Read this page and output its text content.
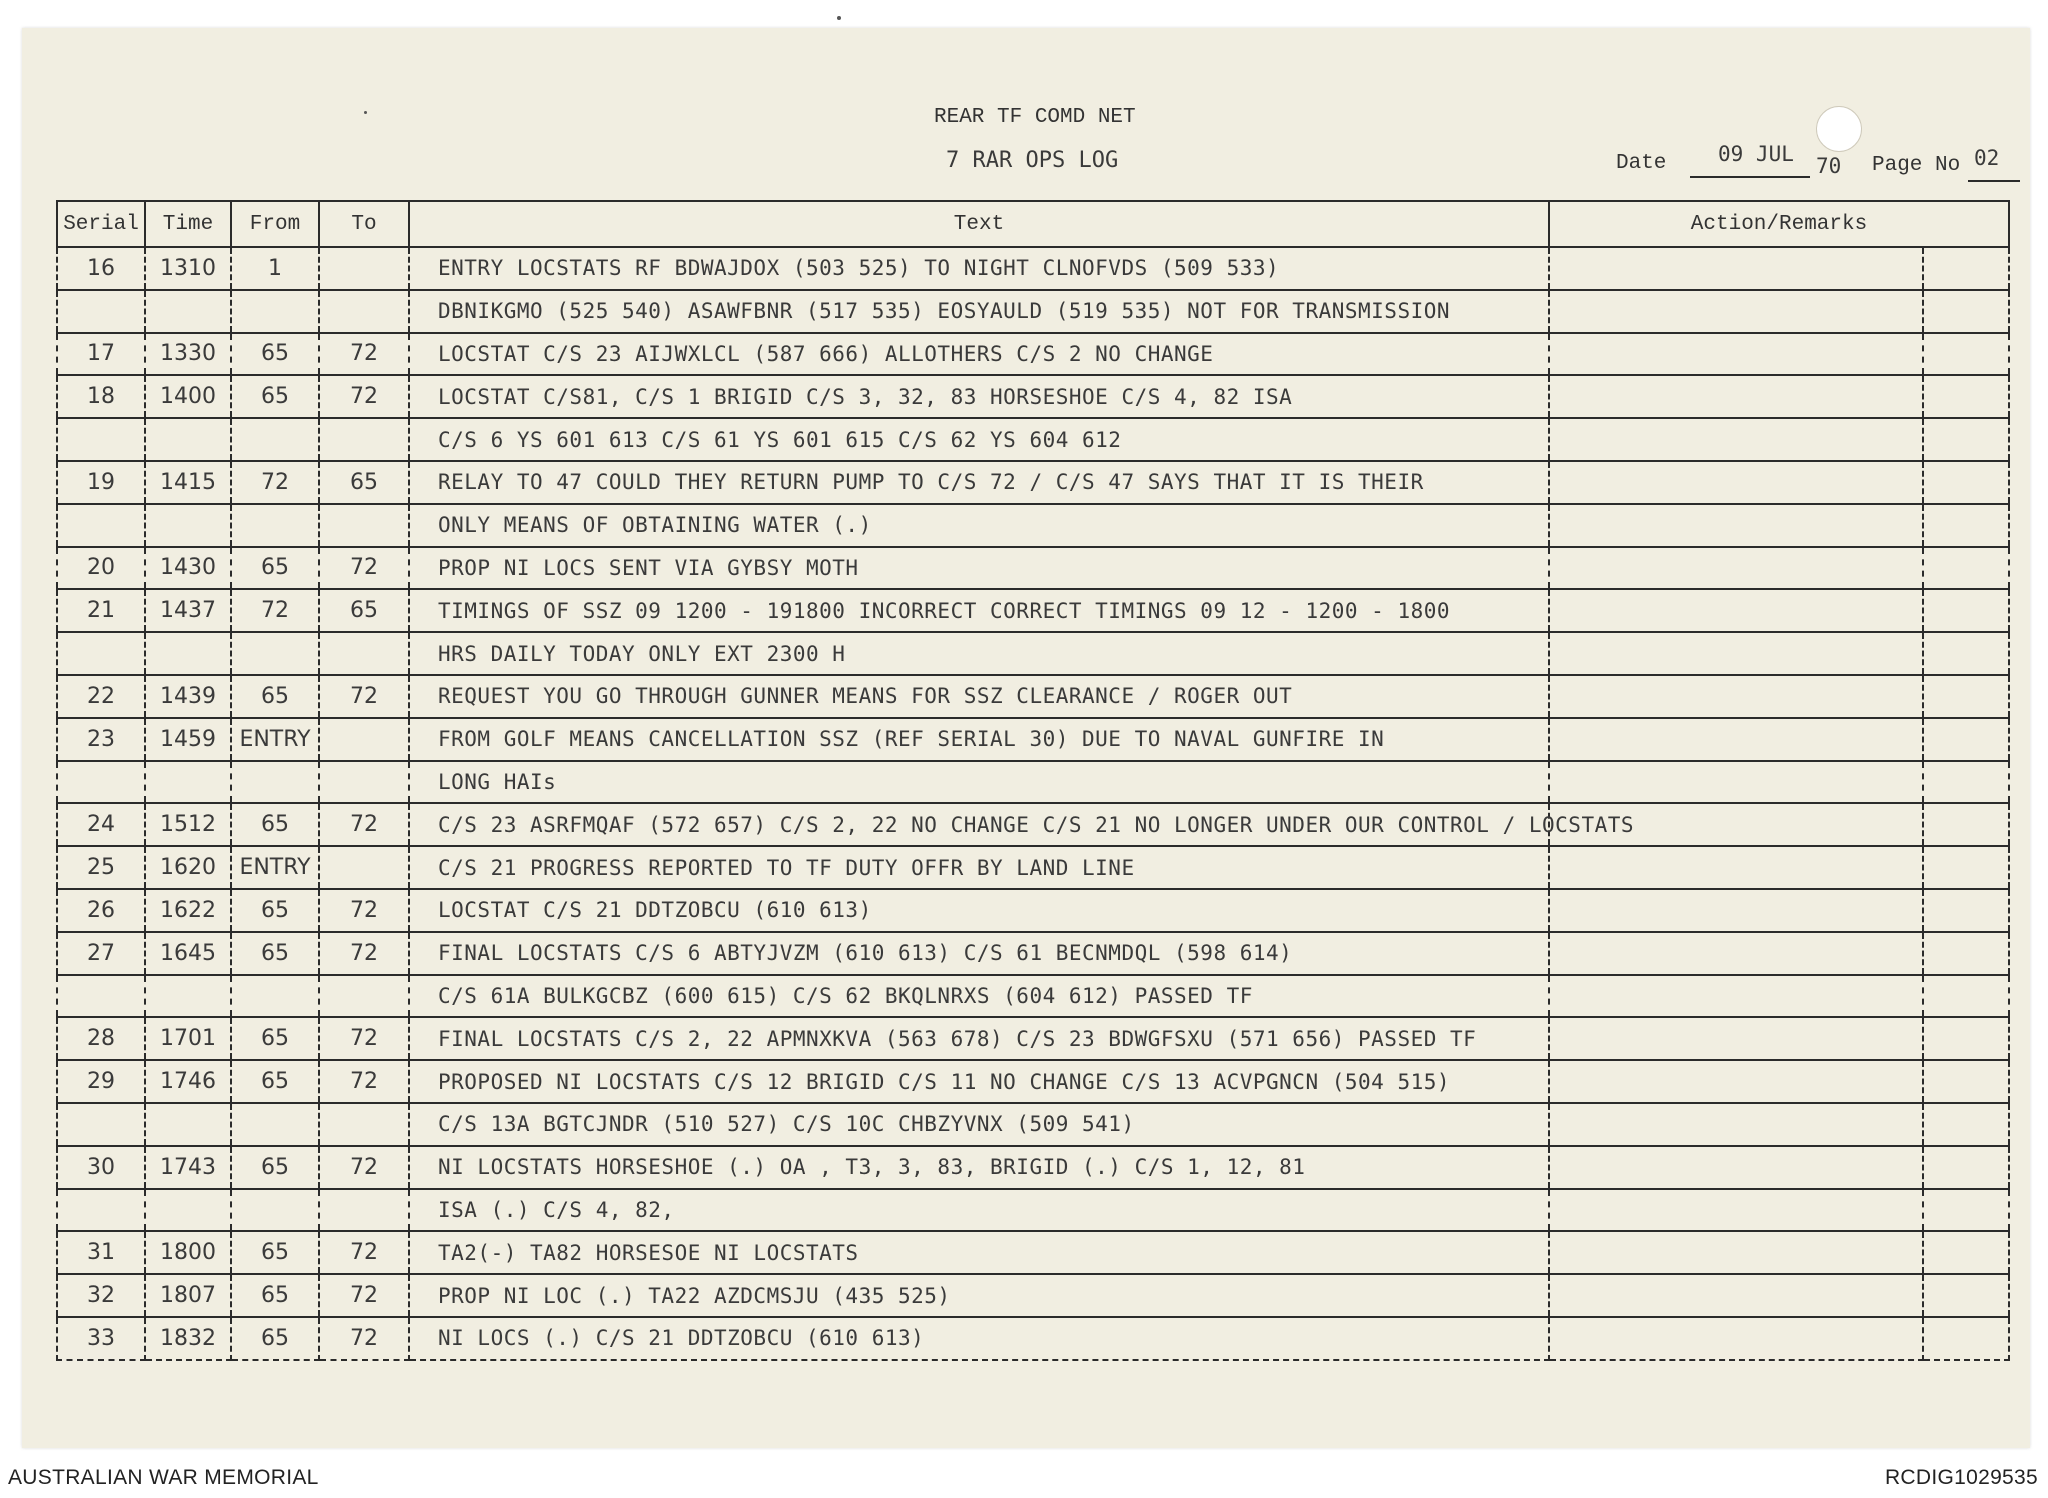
REAR TF COMD NET
7 RAR OPS LOG	Date 09 JUL 70 Page No 02
Serial	Time	From	To	Text	Action/Remarks	
16	1310	1		ENTRY LOCSTATS RF BDWAJDOX (503 525) TO NIGHT CLNOFVDS (509 533)		
				DBNIKGMO (525 540) ASAWFBNR (517 535) EOSYAULD (519 535) NOT FOR TRANSMISSION		
17	1330	65	72	LOCSTAT C/S 23 AIJWXLCL (587 666) ALLOTHERS C/S 2 NO CHANGE		
18	1400	65	72	LOCSTAT C/S81, C/S 1 BRIGID C/S 3, 32, 83 HORSESHOE C/S 4, 82 ISA		
				C/S 6 YS 601 613 C/S 61 YS 601 615 C/S 62 YS 604 612		
19	1415	72	65	RELAY TO 47 COULD THEY RETURN PUMP TO C/S 72 / C/S 47 SAYS THAT IT IS THEIR		
				ONLY MEANS OF OBTAINING WATER (.)		
20	1430	65	72	PROP NI LOCS SENT VIA GYBSY MOTH		
21	1437	72	65	TIMINGS OF SSZ 09 1200 - 191800 INCORRECT CORRECT TIMINGS 09 12 - 1200 - 1800		
				HRS DAILY TODAY ONLY EXT 2300 H		
22	1439	65	72	REQUEST YOU GO THROUGH GUNNER MEANS FOR SSZ CLEARANCE / ROGER OUT		
23	1459	ENTRY		FROM GOLF MEANS CANCELLATION SSZ (REF SERIAL 30) DUE TO NAVAL GUNFIRE IN		
				LONG HAIs		
24	1512	65	72	C/S 23 ASRFMQAF (572 657) C/S 2, 22 NO CHANGE C/S 21 NO LONGER UNDER OUR CONTROL / LOCSTATS		
25	1620	ENTRY		C/S 21 PROGRESS REPORTED TO TF DUTY OFFR BY LAND LINE		
26	1622	65	72	LOCSTAT C/S 21 DDTZOBCU (610 613)		
27	1645	65	72	FINAL LOCSTATS C/S 6 ABTYJVZM (610 613) C/S 61 BECNMDQL (598 614)		
				C/S 61A BULKGCBZ (600 615) C/S 62 BKQLNRXS (604 612) PASSED TF		
28	1701	65	72	FINAL LOCSTATS C/S 2, 22 APMNXKVA (563 678) C/S 23 BDWGFSXU (571 656) PASSED TF		
29	1746	65	72	PROPOSED NI LOCSTATS C/S 12 BRIGID C/S 11 NO CHANGE C/S 13 ACVPGNCN (504 515)		
				C/S 13A BGTCJNDR (510 527) C/S 10C CHBZYVNX (509 541)		
30	1743	65	72	NI LOCSTATS HORSESHOE (.) OA , T3, 3, 83, BRIGID (.) C/S 1, 12, 81		
				ISA (.) C/S 4, 82,		
31	1800	65	72	TA2(-) TA82 HORSESOE NI LOCSTATS		
32	1807	65	72	PROP NI LOC (.) TA22 AZDCMSJU (435 525)		
33	1832	65	72	NI LOCS (.) C/S 21 DDTZOBCU (610 613)		
AUSTRALIAN WAR MEMORIAL	RCDIG1029535
